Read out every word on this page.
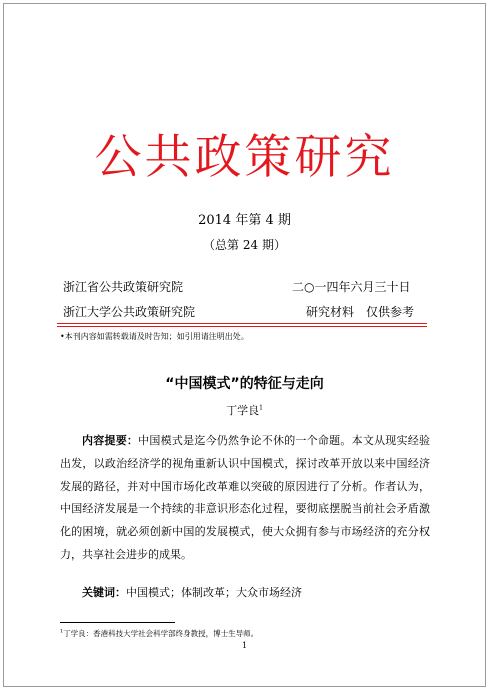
公共政策研究
2014 年第 4 期
（总第 24 期）
浙江省公共政策研究院	二○一四年六月三十日
浙江大学公共政策研究院	研究材料　仅供参考
•本刊内容如需转载请及时告知；如引用请注明出处。
“中国模式”的特征与走向
丁学良$^1$
内容提要：中国模式是迄今仍然争论不休的一个命题。本文从现实经验出发，以政治经济学的视角重新认识中国模式，探讨改革开放以来中国经济发展的路径，并对中国市场化改革难以突破的原因进行了分析。作者认为，中国经济发展是一个持续的非意识形态化过程，要彻底摆脱当前社会矛盾激化的困境，就必须创新中国的发展模式，使大众拥有参与市场经济的充分权力，共享社会进步的成果。
关键词：中国模式；体制改革；大众市场经济
$^1$丁学良：香港科技大学社会科学部终身教授，博士生导师。
1
